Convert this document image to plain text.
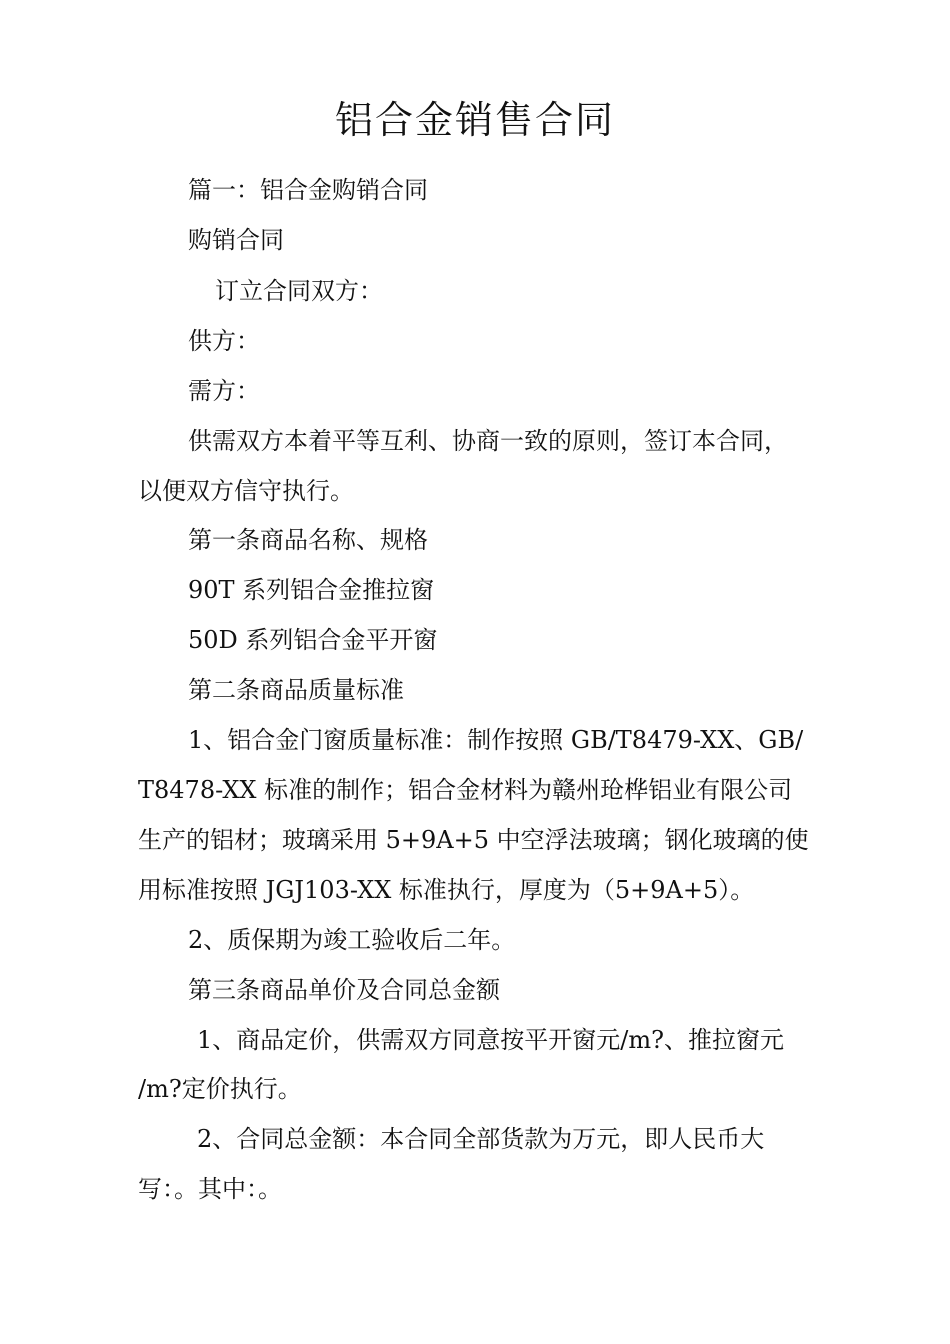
铝合金销售合同
篇一：铝合金购销合同
购销合同
订立合同双方：
供方：
需方：
供需双方本着平等互利、协商一致的原则，签订本合同，
以便双方信守执行。
第一条商品名称、规格
90T 系列铝合金推拉窗
50D 系列铝合金平开窗
第二条商品质量标准
1、铝合金门窗质量标准：制作按照 GB/T8479-XX、GB/
T8478-XX 标准的制作；铝合金材料为赣州玱桦铝业有限公司
生产的铝材；玻璃采用 5+9A+5 中空浮法玻璃；钢化玻璃的使
用标准按照 JGJ103-XX 标准执行，厚度为（5+9A+5）。
2、质保期为竣工验收后二年。
第三条商品单价及合同总金额
1、商品定价，供需双方同意按平开窗元/m?、推拉窗元
/m?定价执行。
2、合同总金额：本合同全部货款为万元，即人民币大
写：。其中：。
